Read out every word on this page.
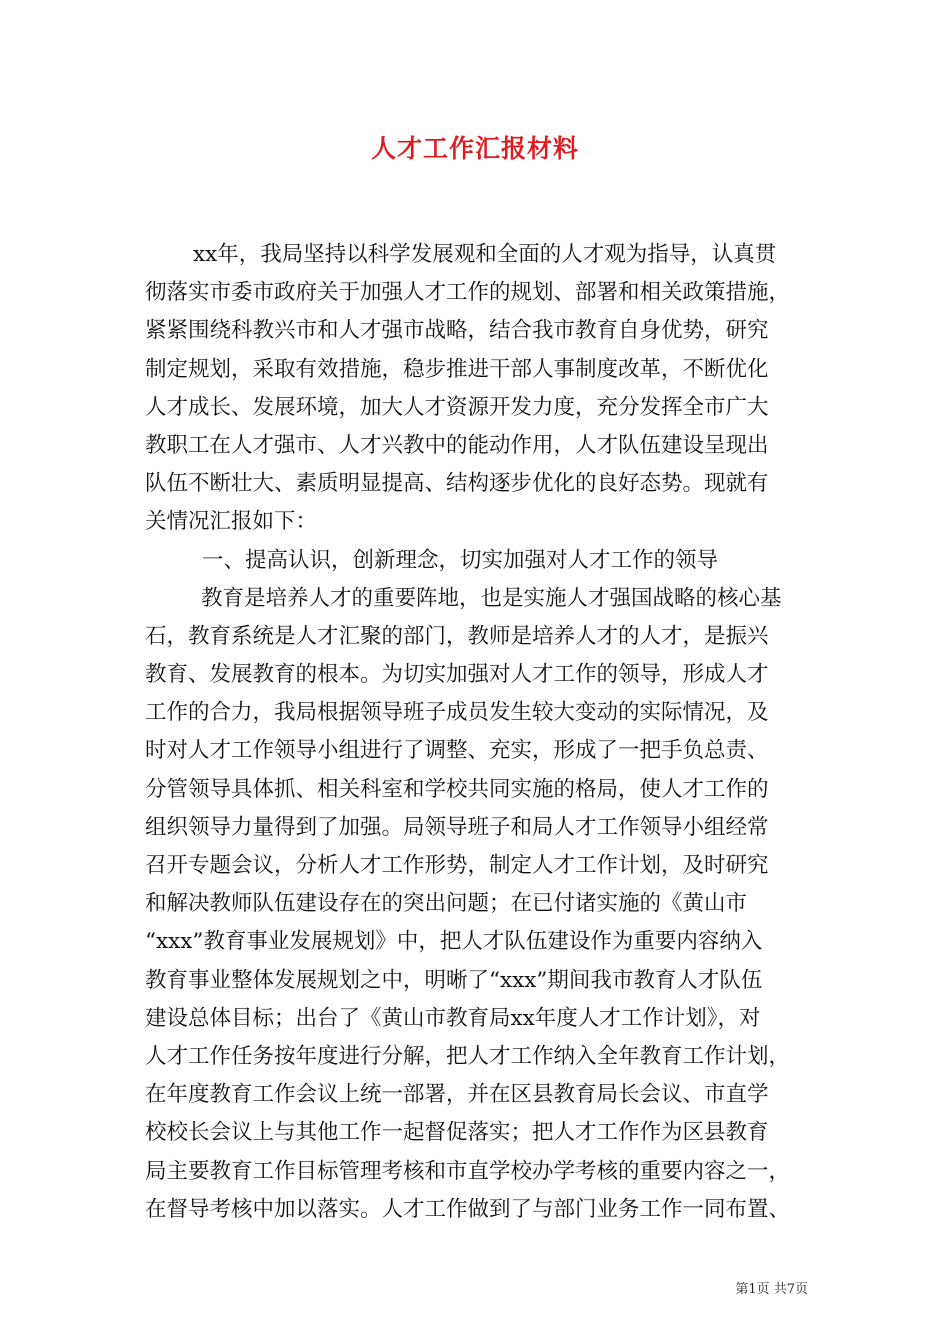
人才工作汇报材料
xx年，我局坚持以科学发展观和全面的人才观为指导，认真贯
彻落实市委市政府关于加强人才工作的规划、部署和相关政策措施，
紧紧围绕科教兴市和人才强市战略，结合我市教育自身优势，研究
制定规划，采取有效措施，稳步推进干部人事制度改革，不断优化
人才成长、发展环境，加大人才资源开发力度，充分发挥全市广大
教职工在人才强市、人才兴教中的能动作用，人才队伍建设呈现出
队伍不断壮大、素质明显提高、结构逐步优化的良好态势。现就有
关情况汇报如下：
一、提高认识，创新理念，切实加强对人才工作的领导
教育是培养人才的重要阵地，也是实施人才强国战略的核心基
石，教育系统是人才汇聚的部门，教师是培养人才的人才，是振兴
教育、发展教育的根本。为切实加强对人才工作的领导，形成人才
工作的合力，我局根据领导班子成员发生较大变动的实际情况，及
时对人才工作领导小组进行了调整、充实，形成了一把手负总责、
分管领导具体抓、相关科室和学校共同实施的格局，使人才工作的
组织领导力量得到了加强。局领导班子和局人才工作领导小组经常
召开专题会议，分析人才工作形势，制定人才工作计划，及时研究
和解决教师队伍建设存在的突出问题；在已付诸实施的《黄山市
“xxx”教育事业发展规划》中，把人才队伍建设作为重要内容纳入
教育事业整体发展规划之中，明晰了“xxx”期间我市教育人才队伍
建设总体目标；出台了《黄山市教育局xx年度人才工作计划》，对
人才工作任务按年度进行分解，把人才工作纳入全年教育工作计划，
在年度教育工作会议上统一部署，并在区县教育局长会议、市直学
校校长会议上与其他工作一起督促落实；把人才工作作为区县教育
局主要教育工作目标管理考核和市直学校办学考核的重要内容之一，
在督导考核中加以落实。人才工作做到了与部门业务工作一同布置、
第1页 共7页
